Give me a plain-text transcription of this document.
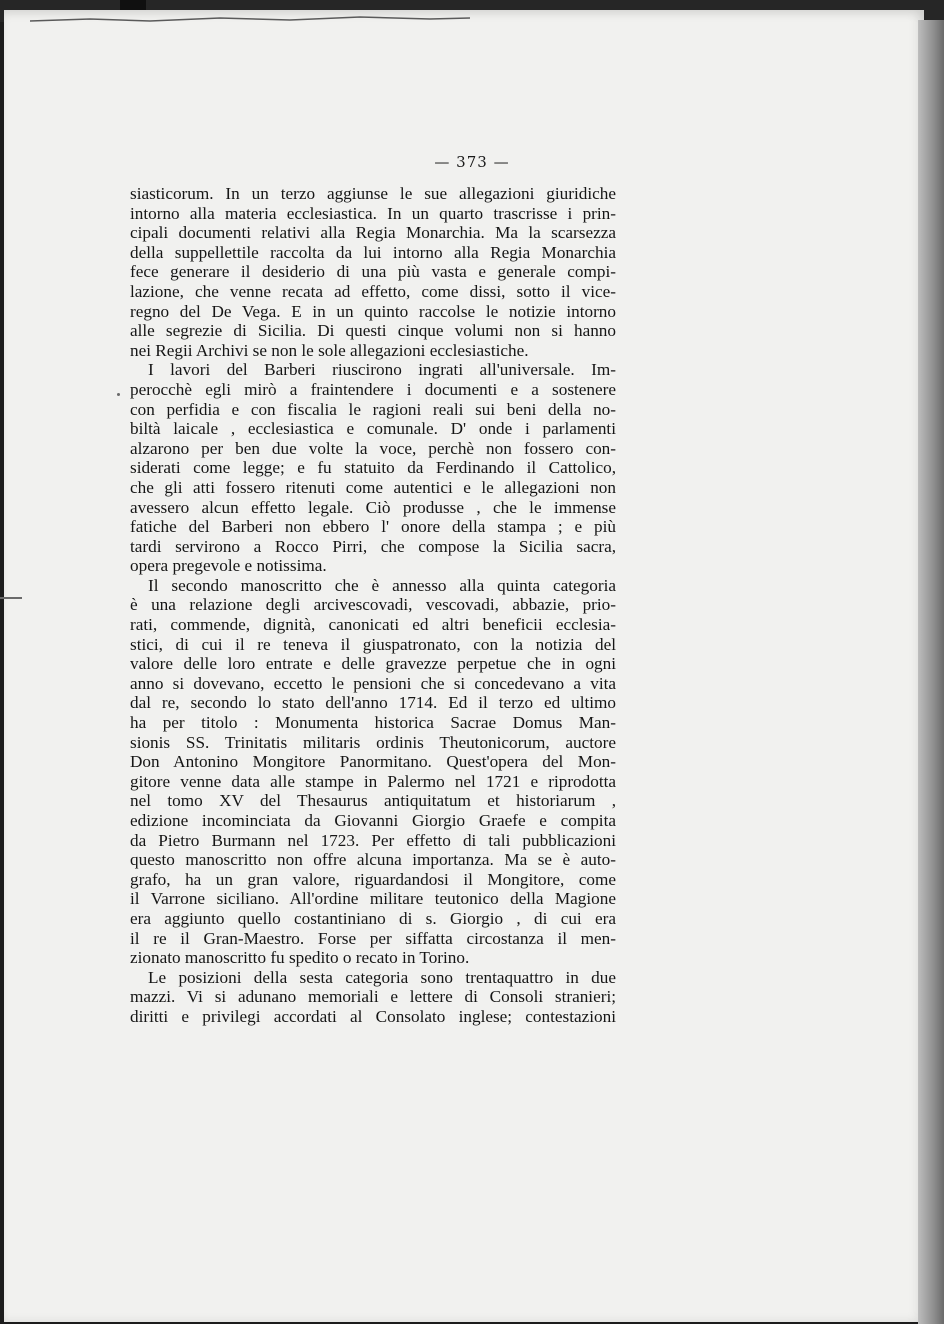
— 373 —
siasticorum. In un terzo aggiunse le sue allegazioni giuridiche
intorno alla materia ecclesiastica. In un quarto trascrisse i prin-
cipali documenti relativi alla Regia Monarchia. Ma la scarsezza
della suppellettile raccolta da lui intorno alla Regia Monarchia
fece generare il desiderio di una più vasta e generale compi-
lazione, che venne recata ad effetto, come dissi, sotto il vice-
regno del De Vega. E in un quinto raccolse le notizie intorno
alle segrezie di Sicilia. Di questi cinque volumi non si hanno
nei Regii Archivi se non le sole allegazioni ecclesiastiche.
I lavori del Barberi riuscirono ingrati all'universale. Im-
perocchè egli mirò a fraintendere i documenti e a sostenere
con perfidia e con fiscalia le ragioni reali sui beni della no-
biltà laicale , ecclesiastica e comunale. D' onde i parlamenti
alzarono per ben due volte la voce, perchè non fossero con-
siderati come legge; e fu statuito da Ferdinando il Cattolico,
che gli atti fossero ritenuti come autentici e le allegazioni non
avessero alcun effetto legale. Ciò produsse , che le immense
fatiche del Barberi non ebbero l' onore della stampa ; e più
tardi servirono a Rocco Pirri, che compose la Sicilia sacra,
opera pregevole e notissima.
Il secondo manoscritto che è annesso alla quinta categoria
è una relazione degli arcivescovadi, vescovadi, abbazie, prio-
rati, commende, dignità, canonicati ed altri beneficii ecclesia-
stici, di cui il re teneva il giuspatronato, con la notizia del
valore delle loro entrate e delle gravezze perpetue che in ogni
anno si dovevano, eccetto le pensioni che si concedevano a vita
dal re, secondo lo stato dell'anno 1714. Ed il terzo ed ultimo
ha per titolo : Monumenta historica Sacrae Domus Man-
sionis SS. Trinitatis militaris ordinis Theutonicorum, auctore
Don Antonino Mongitore Panormitano. Quest'opera del Mon-
gitore venne data alle stampe in Palermo nel 1721 e riprodotta
nel tomo XV del Thesaurus antiquitatum et historiarum ,
edizione incominciata da Giovanni Giorgio Graefe e compita
da Pietro Burmann nel 1723. Per effetto di tali pubblicazioni
questo manoscritto non offre alcuna importanza. Ma se è auto-
grafo, ha un gran valore, riguardandosi il Mongitore, come
il Varrone siciliano. All'ordine militare teutonico della Magione
era aggiunto quello costantiniano di s. Giorgio , di cui era
il re il Gran-Maestro. Forse per siffatta circostanza il men-
zionato manoscritto fu spedito o recato in Torino.
Le posizioni della sesta categoria sono trentaquattro in due
mazzi. Vi si adunano memoriali e lettere di Consoli stranieri;
diritti e privilegi accordati al Consolato inglese; contestazioni
